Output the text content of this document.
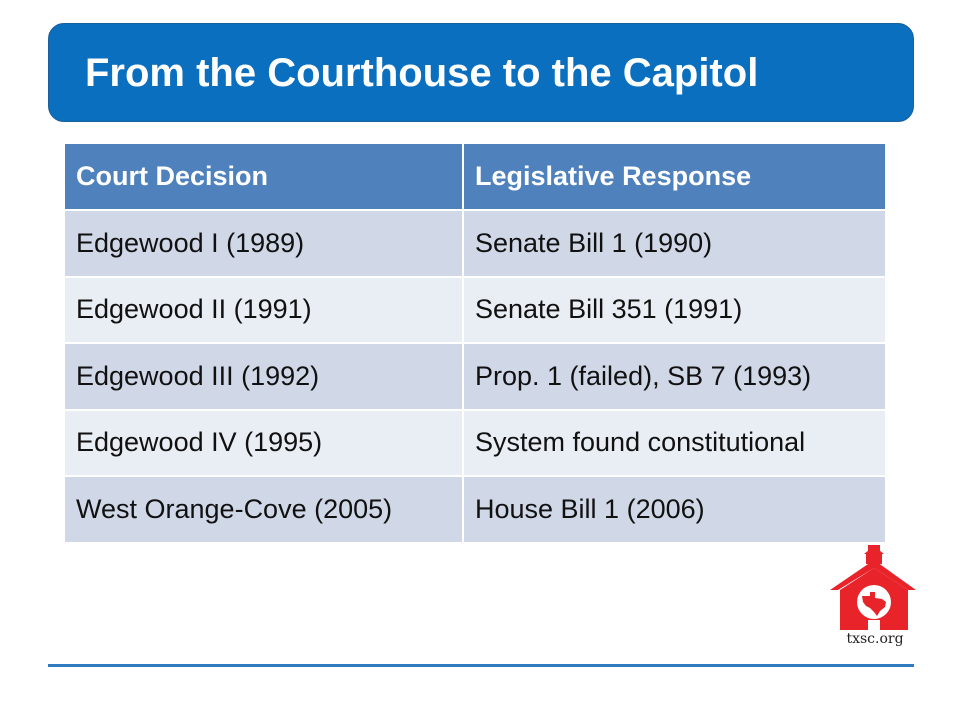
From the Courthouse to the Capitol
Court Decision	Legislative Response
Edgewood I (1989)	Senate Bill 1 (1990)
Edgewood II (1991)	Senate Bill 351 (1991)
Edgewood III (1992)	Prop. 1 (failed), SB 7 (1993)
Edgewood IV (1995)	System found constitutional
West Orange-Cove (2005)	House Bill 1 (2006)
txsc.org
